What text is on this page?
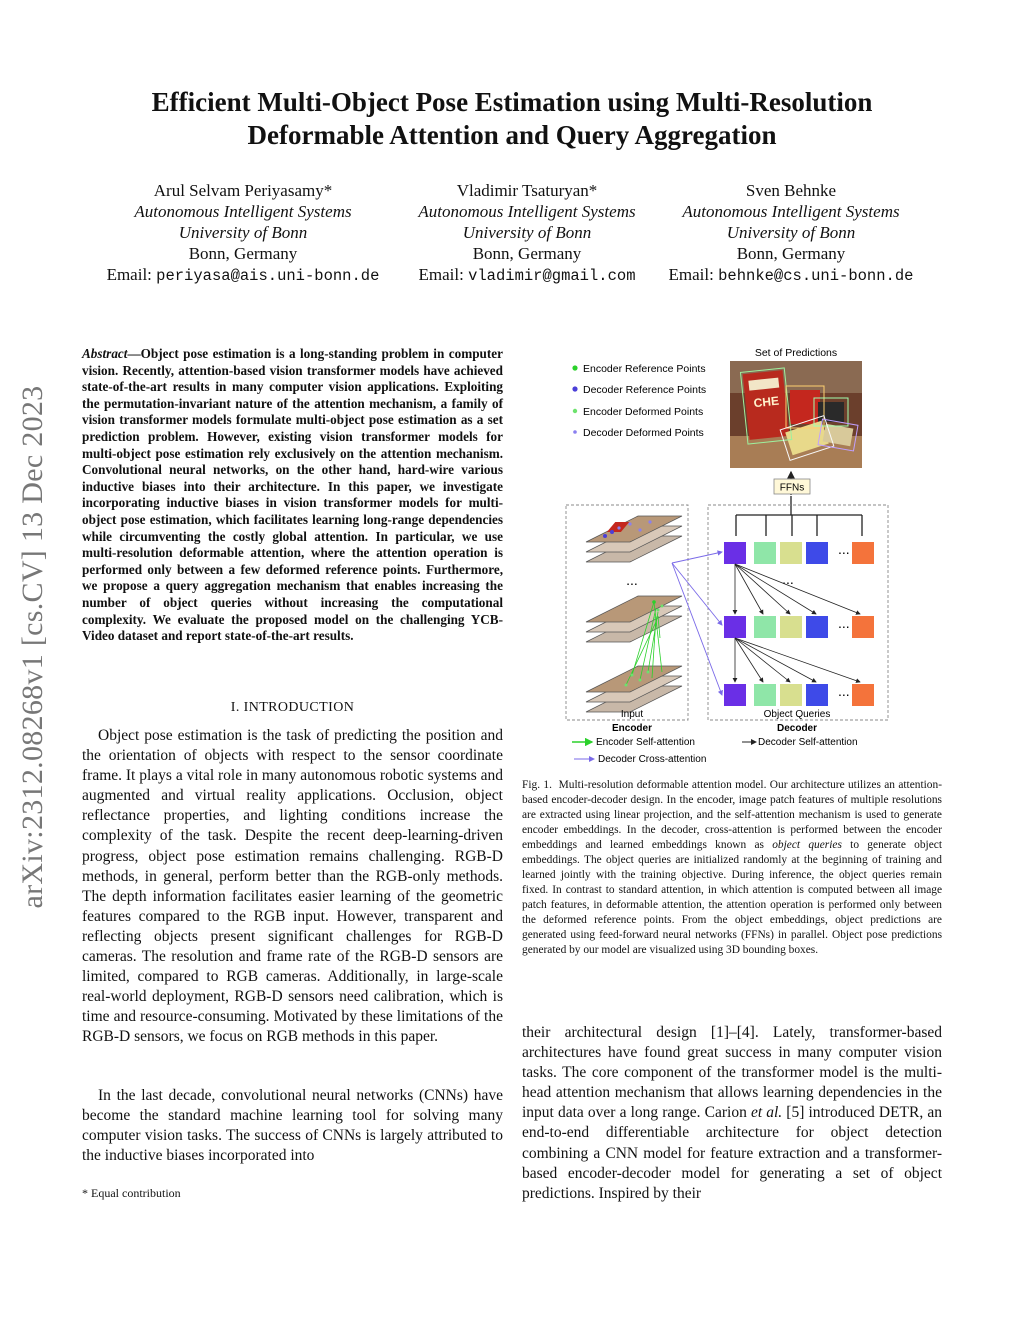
arXiv:2312.08268v1 [cs.CV] 13 Dec 2023
Efficient Multi-Object Pose Estimation using Multi-Resolution Deformable Attention and Query Aggregation
Arul Selvam Periyasamy*
Autonomous Intelligent Systems
University of Bonn
Bonn, Germany
Email: periyasa@ais.uni-bonn.de
Vladimir Tsaturyan*
Autonomous Intelligent Systems
University of Bonn
Bonn, Germany
Email: vladimir@gmail.com
Sven Behnke
Autonomous Intelligent Systems
University of Bonn
Bonn, Germany
Email: behnke@cs.uni-bonn.de
Abstract—Object pose estimation is a long-standing problem in computer vision. Recently, attention-based vision transformer models have achieved state-of-the-art results in many computer vision applications. Exploiting the permutation-invariant nature of the attention mechanism, a family of vision transformer models formulate multi-object pose estimation as a set prediction problem. However, existing vision transformer models for multi-object pose estimation rely exclusively on the attention mechanism. Convolutional neural networks, on the other hand, hard-wire various inductive biases into their architecture. In this paper, we investigate incorporating inductive biases in vision transformer models for multi-object pose estimation, which facilitates learning long-range dependencies while circumventing the costly global attention. In particular, we use multi-resolution deformable attention, where the attention operation is performed only between a few deformed reference points. Furthermore, we propose a query aggregation mechanism that enables increasing the number of object queries without increasing the computational complexity. We evaluate the proposed model on the challenging YCB-Video dataset and report state-of-the-art results.
I. INTRODUCTION
Object pose estimation is the task of predicting the position and the orientation of objects with respect to the sensor coordinate frame. It plays a vital role in many autonomous robotic systems and augmented and virtual reality applications. Occlusion, object reflectance properties, and lighting conditions increase the complexity of the task. Despite the recent deep-learning-driven progress, object pose estimation remains challenging. RGB-D methods, in general, perform better than the RGB-only methods. The depth information facilitates easier learning of the geometric features compared to the RGB input. However, transparent and reflecting objects present significant challenges for RGB-D cameras. The resolution and frame rate of the RGB-D sensors are limited, compared to RGB cameras. Additionally, in large-scale real-world deployment, RGB-D sensors need calibration, which is time and resource-consuming. Motivated by these limitations of the RGB-D sensors, we focus on RGB methods in this paper.
In the last decade, convolutional neural networks (CNNs) have become the standard machine learning tool for solving many computer vision tasks. The success of CNNs is largely attributed to the inductive biases incorporated into
* Equal contribution
their architectural design [1]–[4]. Lately, transformer-based architectures have found great success in many computer vision tasks. The core component of the transformer model is the multi-head attention mechanism that allows learning dependencies in the input data over a long range. Carion et al. [5] introduced DETR, an end-to-end differentiable architecture for object detection combining a CNN model for feature extraction and a transformer-based encoder-decoder model for generating a set of object predictions. Inspired by their
Encoder Reference Points
Decoder Reference Points
Encoder Deformed Points
Decoder Deformed Points
Set of Predictions
CHE
FFNs
...
Input
Encoder
...
...
...
...
Object Queries
Decoder
Encoder Self-attention	Decoder Self-attention
Decoder Cross-attention
Fig. 1. Multi-resolution deformable attention model. Our architecture utilizes an attention-based encoder-decoder design. In the encoder, image patch features of multiple resolutions are extracted using linear projection, and the self-attention mechanism is used to generate encoder embeddings. In the decoder, cross-attention is performed between the encoder embeddings and learned embeddings known as object queries to generate object embeddings. The object queries are initialized randomly at the beginning of training and learned jointly with the training objective. During inference, the object queries remain fixed. In contrast to standard attention, in which attention is computed between all image patch features, in deformable attention, the attention operation is performed only between the deformed reference points. From the object embeddings, object predictions are generated using feed-forward neural networks (FFNs) in parallel. Object pose predictions generated by our model are visualized using 3D bounding boxes.
